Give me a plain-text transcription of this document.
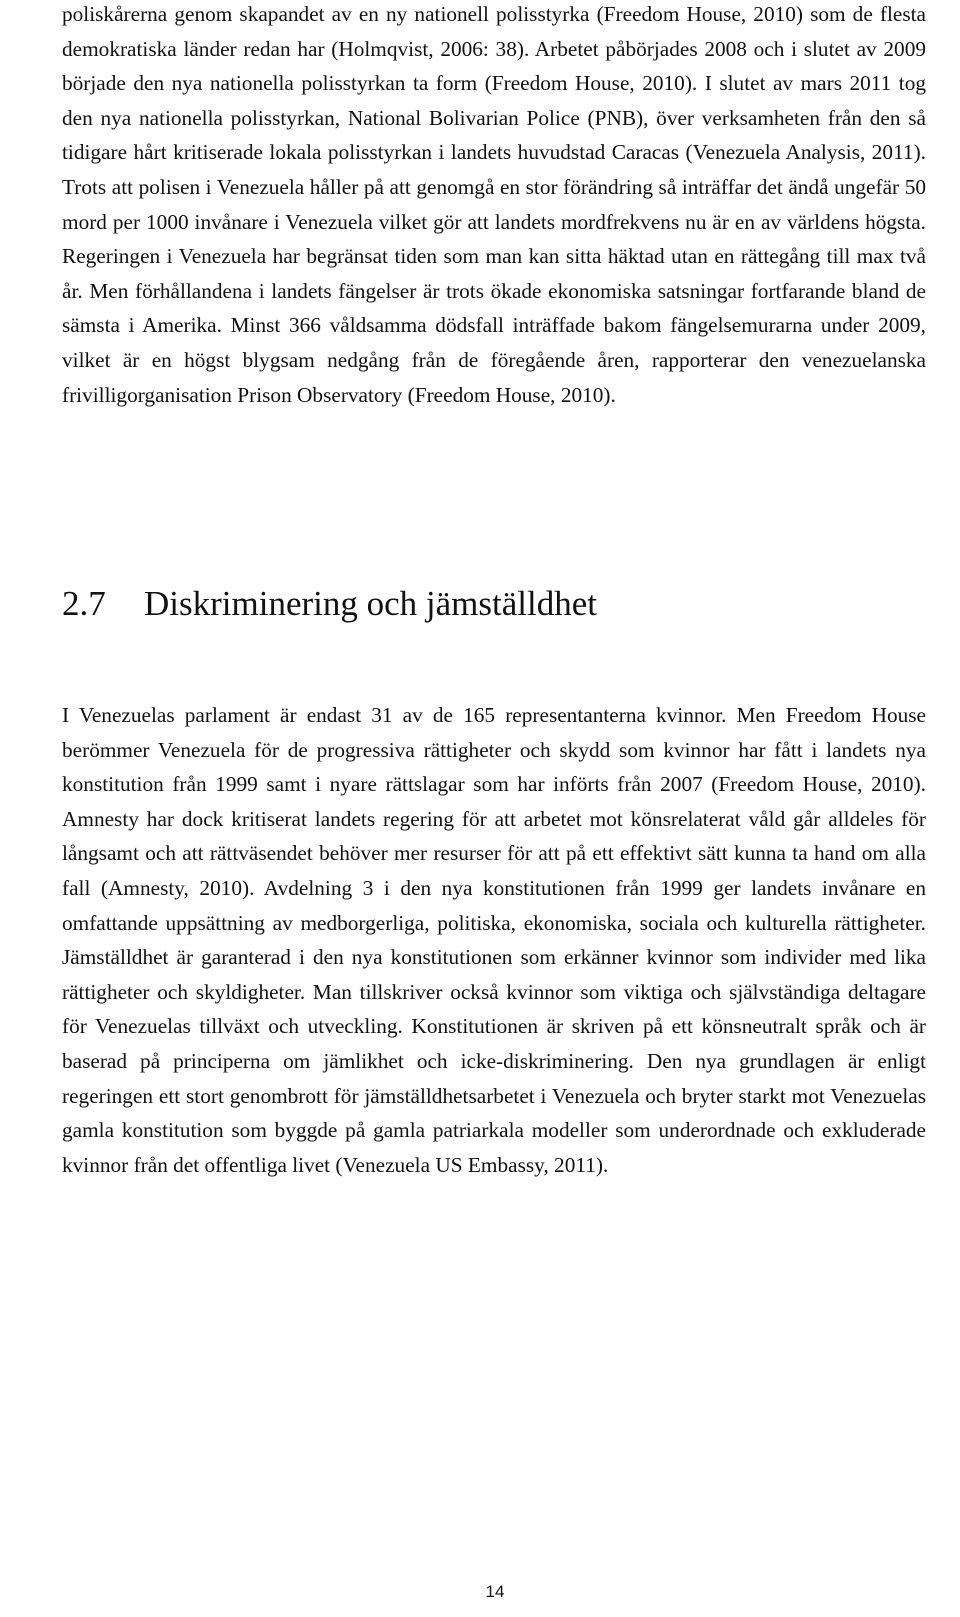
poliskårerna genom skapandet av en ny nationell polisstyrka (Freedom House, 2010) som de flesta demokratiska länder redan har (Holmqvist, 2006: 38). Arbetet påbörjades 2008 och i slutet av 2009 började den nya nationella polisstyrkan ta form (Freedom House, 2010). I slutet av mars 2011 tog den nya nationella polisstyrkan, National Bolivarian Police (PNB), över verksamheten från den så tidigare hårt kritiserade lokala polisstyrkan i landets huvudstad Caracas (Venezuela Analysis, 2011). Trots att polisen i Venezuela håller på att genomgå en stor förändring så inträffar det ändå ungefär 50 mord per 1000 invånare i Venezuela vilket gör att landets mordfrekvens nu är en av världens högsta. Regeringen i Venezuela har begränsat tiden som man kan sitta häktad utan en rättegång till max två år. Men förhållandena i landets fängelser är trots ökade ekonomiska satsningar fortfarande bland de sämsta i Amerika. Minst 366 våldsamma dödsfall inträffade bakom fängelsemurarna under 2009, vilket är en högst blygsam nedgång från de föregående åren, rapporterar den venezuelanska frivilligorganisation Prison Observatory (Freedom House, 2010).

2.7 Diskriminering och jämställdhet

I Venezuelas parlament är endast 31 av de 165 representanterna kvinnor. Men Freedom House berömmer Venezuela för de progressiva rättigheter och skydd som kvinnor har fått i landets nya konstitution från 1999 samt i nyare rättslagar som har införts från 2007 (Freedom House, 2010). Amnesty har dock kritiserat landets regering för att arbetet mot könsrelaterat våld går alldeles för långsamt och att rättväsendet behöver mer resurser för att på ett effektivt sätt kunna ta hand om alla fall (Amnesty, 2010). Avdelning 3 i den nya konstitutionen från 1999 ger landets invånare en omfattande uppsättning av medborgerliga, politiska, ekonomiska, sociala och kulturella rättigheter. Jämställdhet är garanterad i den nya konstitutionen som erkänner kvinnor som individer med lika rättigheter och skyldigheter. Man tillskriver också kvinnor som viktiga och självständiga deltagare för Venezuelas tillväxt och utveckling. Konstitutionen är skriven på ett könsneutralt språk och är baserad på principerna om jämlikhet och icke-diskriminering. Den nya grundlagen är enligt regeringen ett stort genombrott för jämställdhetsarbetet i Venezuela och bryter starkt mot Venezuelas gamla konstitution som byggde på gamla patriarkala modeller som underordnade och exkluderade kvinnor från det offentliga livet (Venezuela US Embassy, 2011).

14
